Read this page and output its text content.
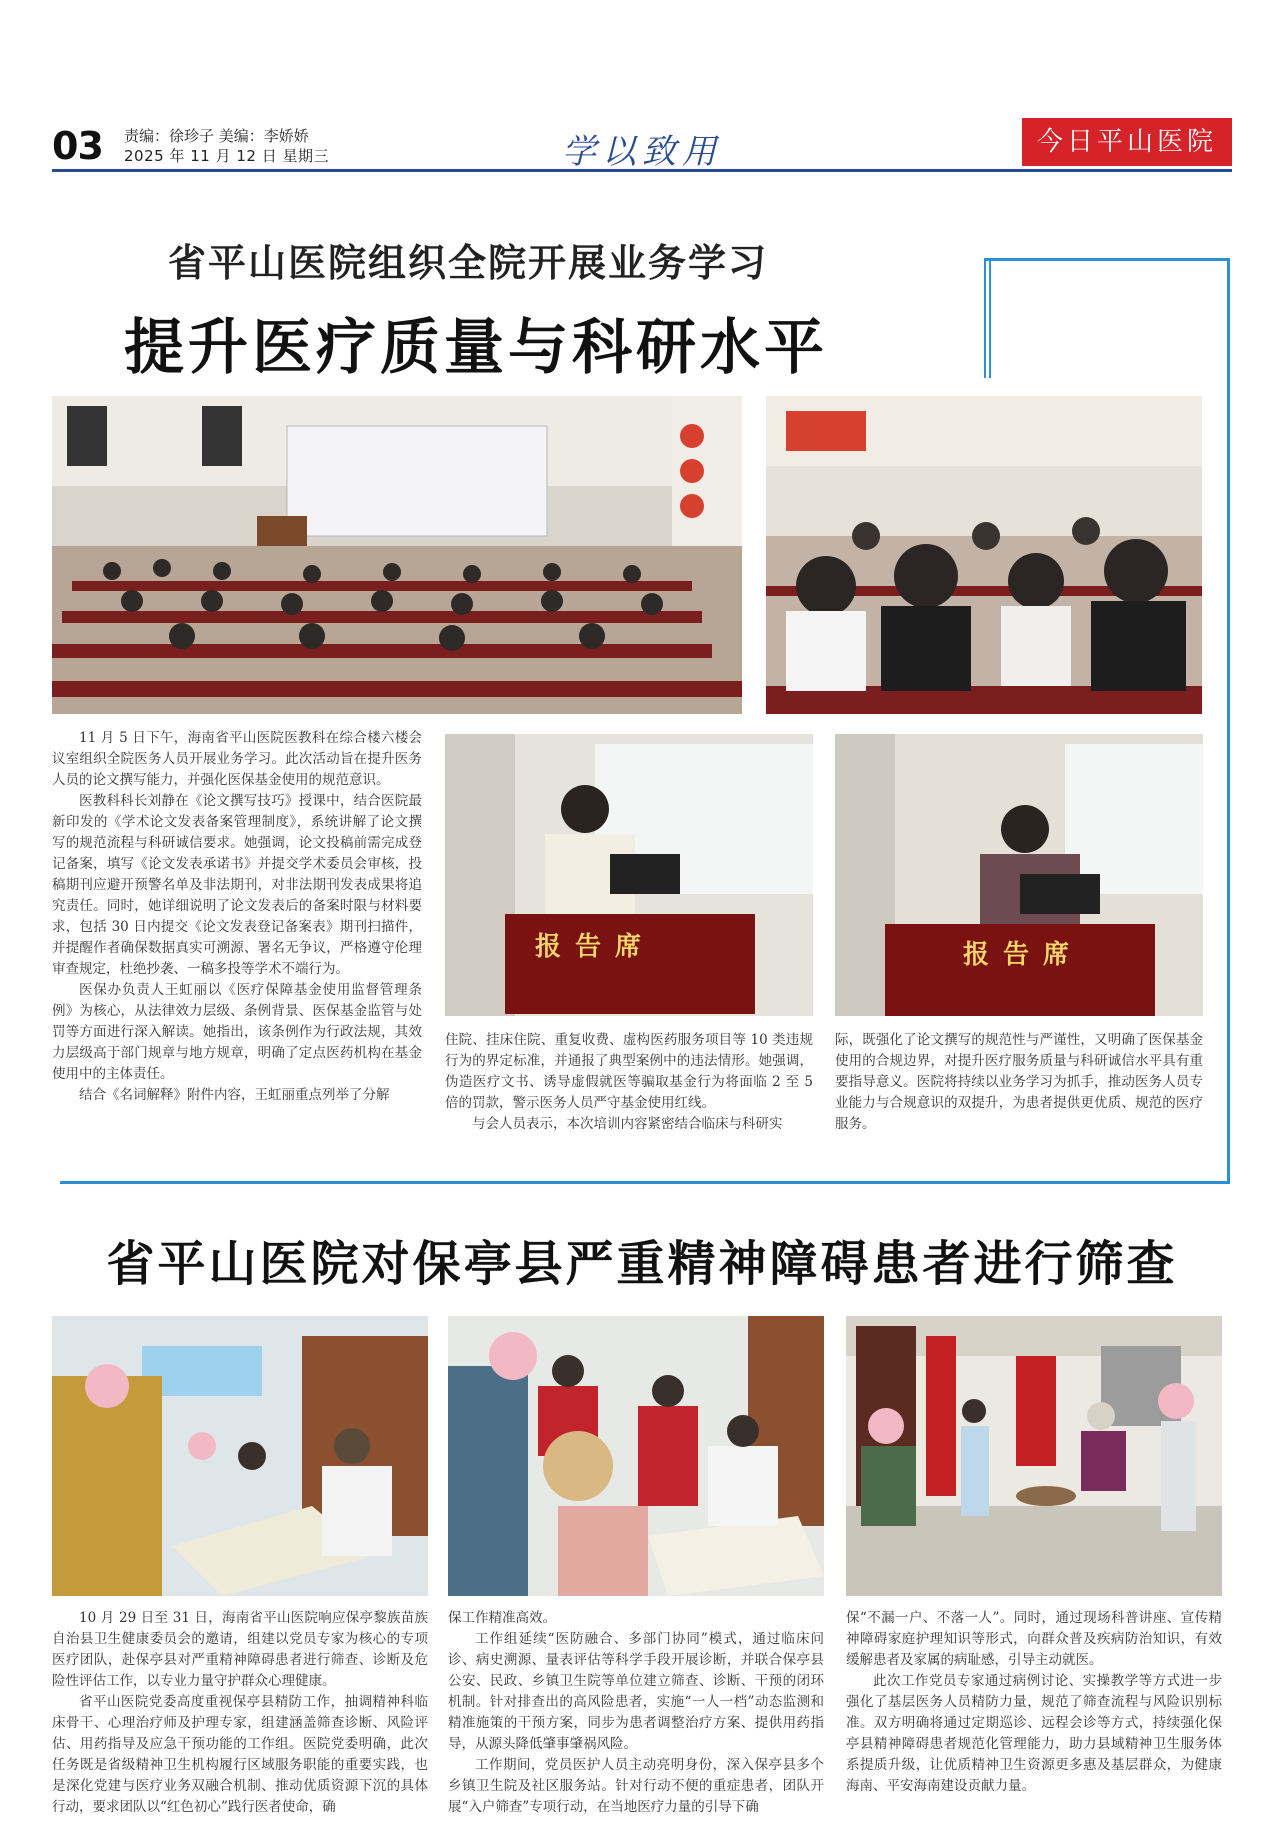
03 责编：徐珍子 美编：李娇娇
2025 年 11 月 12 日 星期三	学以致用	今日平山医院
省平山医院组织全院开展业务学习
提升医疗质量与科研水平
报告席	报告席

11 月 5 日下午，海南省平山医院医教科在综合楼六楼会议室组织全院医务人员开展业务学习。此次活动旨在提升医务人员的论文撰写能力，并强化医保基金使用的规范意识。

医教科科长刘静在《论文撰写技巧》授课中，结合医院最新印发的《学术论文发表备案管理制度》，系统讲解了论文撰写的规范流程与科研诚信要求。她强调，论文投稿前需完成登记备案，填写《论文发表承诺书》并提交学术委员会审核，投稿期刊应避开预警名单及非法期刊，对非法期刊发表成果将追究责任。同时，她详细说明了论文发表后的备案时限与材料要求，包括 30 日内提交《论文发表登记备案表》期刊扫描件，并提醒作者确保数据真实可溯源、署名无争议，严格遵守伦理审查规定，杜绝抄袭、一稿多投等学术不端行为。

医保办负责人王虹丽以《医疗保障基金使用监督管理条例》为核心，从法律效力层级、条例背景、医保基金监管与处罚等方面进行深入解读。她指出，该条例作为行政法规，其效力层级高于部门规章与地方规章，明确了定点医药机构在基金使用中的主体责任。

结合《名词解释》附件内容，王虹丽重点列举了分解

住院、挂床住院、重复收费、虚构医药服务项目等 10 类违规行为的界定标准，并通报了典型案例中的违法情形。她强调，伪造医疗文书、诱导虚假就医等骗取基金行为将面临 2 至 5 倍的罚款，警示医务人员严守基金使用红线。

与会人员表示，本次培训内容紧密结合临床与科研实

际，既强化了论文撰写的规范性与严谨性，又明确了医保基金使用的合规边界，对提升医疗服务质量与科研诚信水平具有重要指导意义。医院将持续以业务学习为抓手，推动医务人员专业能力与合规意识的双提升，为患者提供更优质、规范的医疗服务。

省平山医院对保亭县严重精神障碍患者进行筛查

10 月 29 日至 31 日，海南省平山医院响应保亭黎族苗族自治县卫生健康委员会的邀请，组建以党员专家为核心的专项医疗团队，赴保亭县对严重精神障碍患者进行筛查、诊断及危险性评估工作，以专业力量守护群众心理健康。

省平山医院党委高度重视保亭县精防工作，抽调精神科临床骨干、心理治疗师及护理专家，组建涵盖筛查诊断、风险评估、用药指导及应急干预功能的工作组。医院党委明确，此次任务既是省级精神卫生机构履行区域服务职能的重要实践，也是深化党建与医疗业务双融合机制、推动优质资源下沉的具体行动，要求团队以“红色初心”践行医者使命，确

保工作精准高效。

工作组延续“医防融合、多部门协同”模式，通过临床问诊、病史溯源、量表评估等科学手段开展诊断，并联合保亭县公安、民政、乡镇卫生院等单位建立筛查、诊断、干预的闭环机制。针对排查出的高风险患者，实施“一人一档”动态监测和精准施策的干预方案，同步为患者调整治疗方案、提供用药指导，从源头降低肇事肇祸风险。

工作期间，党员医护人员主动亮明身份，深入保亭县多个乡镇卫生院及社区服务站。针对行动不便的重症患者，团队开展“入户筛查”专项行动，在当地医疗力量的引导下确

保“不漏一户、不落一人”。同时，通过现场科普讲座、宣传精神障碍家庭护理知识等形式，向群众普及疾病防治知识，有效缓解患者及家属的病耻感，引导主动就医。

此次工作党员专家通过病例讨论、实操教学等方式进一步强化了基层医务人员精防力量，规范了筛查流程与风险识别标准。双方明确将通过定期巡诊、远程会诊等方式，持续强化保亭县精神障碍患者规范化管理能力，助力县域精神卫生服务体系提质升级，让优质精神卫生资源更多惠及基层群众，为健康海南、平安海南建设贡献力量。
